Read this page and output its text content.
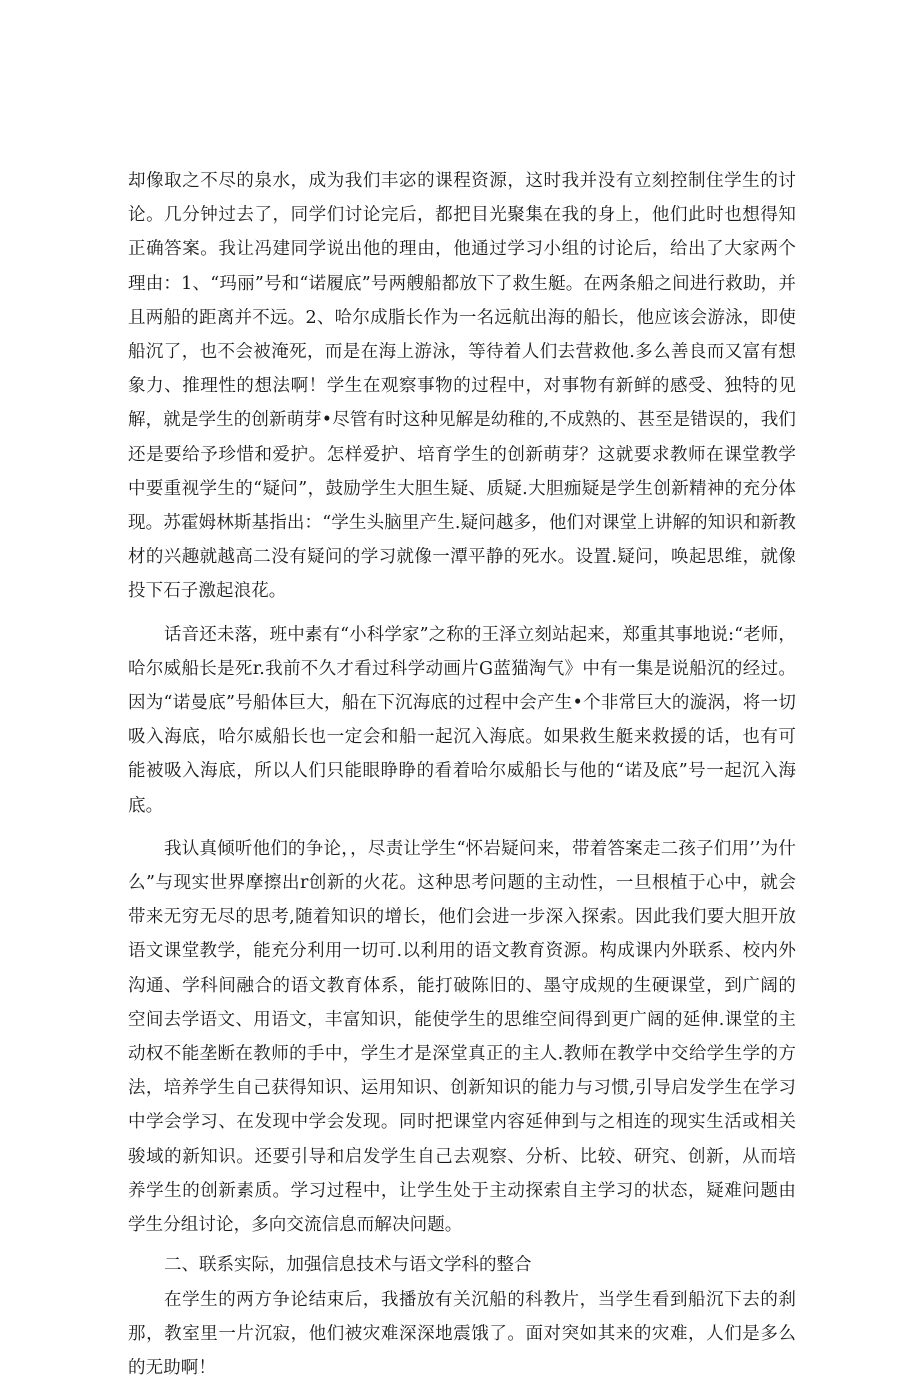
却像取之不尽的泉水，成为我们丰宓的课程资源，这时我并没有立刻控制住学生的讨论。几分钟过去了，同学们讨论完后，都把目光聚集在我的身上，他们此时也想得知正确答案。我让冯建同学说出他的理由，他通过学习小组的讨论后，给出了大家两个理由：1、“玛丽”号和“诺履底”号两艘船都放下了救生艇。在两条船之间进行救助，并且两船的距离并不远。2、哈尔成脂长作为一名远航出海的船长，他应该会游泳，即使船沉了，也不会被淹死，而是在海上游泳，等待着人们去营救他.多么善良而又富有想象力、推理性的想法啊！学生在观察事物的过程中，对事物有新鲜的感受、独特的见解，就是学生的创新萌芽•尽管有时这种见解是幼稚的,不成熟的、甚至是错误的，我们还是要给予珍惜和爱护。怎样爱护、培育学生的创新萌芽？这就要求教师在课堂教学中要重视学生的“疑问”，鼓励学生大胆生疑、质疑.大胆痂疑是学生创新精神的充分体现。苏霍姆林斯基指出：“学生头脑里产生.疑问越多，他们对课堂上讲解的知识和新教材的兴趣就越高二没有疑问的学习就像一潭平静的死水。设置.疑问，唤起思维，就像投下石子激起浪花。

话音还未落，班中素有“小科学家”之称的王泽立刻站起来，郑重其事地说:“老师，哈尔威船长是死r.我前不久才看过科学动画片G蓝猫淘气》中有一集是说船沉的经过。因为“诺曼底”号船体巨大，船在下沉海底的过程中会产生•个非常巨大的漩涡，将一切吸入海底，哈尔威船长也一定会和船一起沉入海底。如果救生艇来救援的话，也有可能被吸入海底，所以人们只能眼睁睁的看着哈尔威船长与他的“诺及底”号一起沉入海底。

我认真倾听他们的争论，，尽责让学生“怀岩疑问来，带着答案走二孩子们用’’为什么”与现实世界摩擦出r创新的火花。这种思考问题的主动性，一旦根植于心中，就会带来无穷无尽的思考,随着知识的增长，他们会进一步深入探索。因此我们要大胆开放语文课堂教学，能充分利用一切可.以利用的语文教育资源。构成课内外联系、校内外沟通、学科间融合的语文教育体系，能打破陈旧的、墨守成规的生硬课堂，到广阔的空间去学语文、用语文，丰富知识，能使学生的思维空间得到更广阔的延伸.课堂的主动权不能垄断在教师的手中，学生才是深堂真正的主人.教师在教学中交给学生学的方法，培养学生自己获得知识、运用知识、创新知识的能力与习惯,引导启发学生在学习中学会学习、在发现中学会发现。同时把课堂内容延伸到与之相连的现实生活或相关骏域的新知识。还要引导和启发学生自己去观察、分析、比较、研究、创新，从而培养学生的创新素质。学习过程中，让学生处于主动探索自主学习的状态，疑难问题由学生分组讨论，多向交流信息而解决问题。

二、联系实际，加强信息技术与语文学科的整合

在学生的两方争论结束后，我播放有关沉船的科教片，当学生看到船沉下去的刹那，教室里一片沉寂，他们被灾难深深地震饿了。面对突如其来的灾难，人们是多么的无助啊！
